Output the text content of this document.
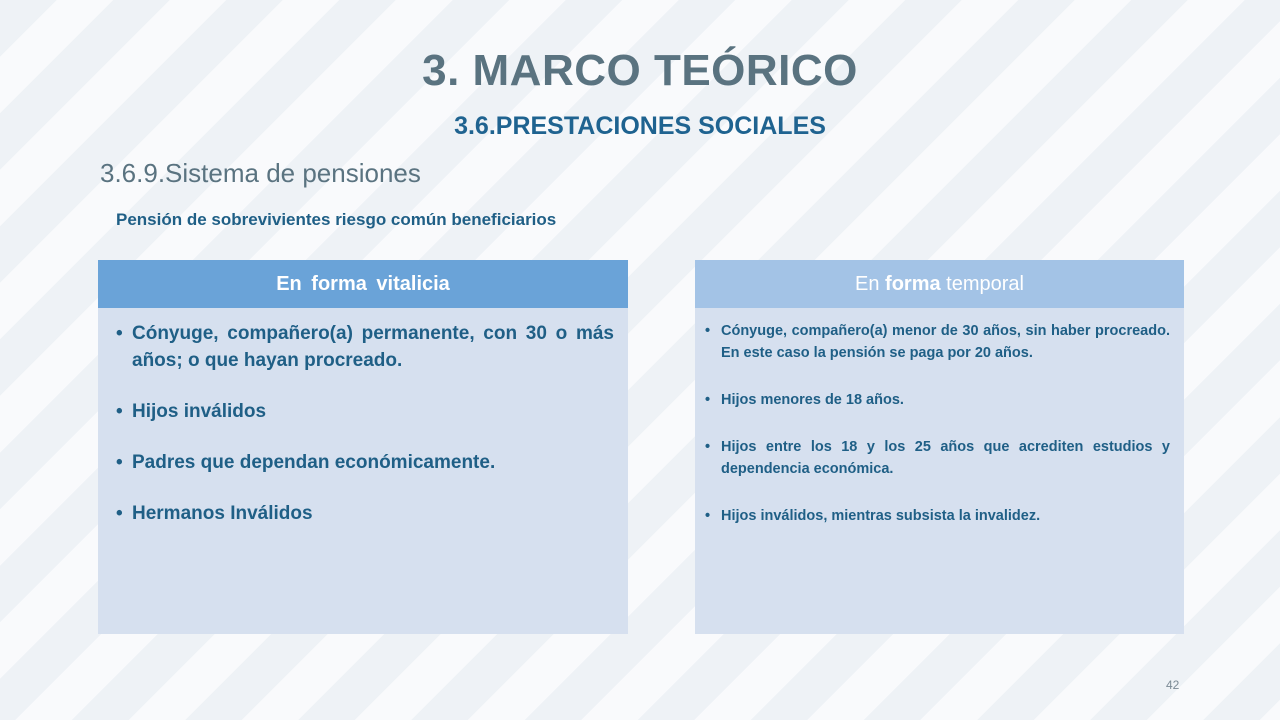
3. MARCO TEÓRICO
3.6.PRESTACIONES SOCIALES
3.6.9.Sistema de pensiones
Pensión de sobrevivientes riesgo común beneficiarios
En forma vitalicia
• Cónyuge, compañero(a) permanente, con 30 o más años; o que hayan procreado.
• Hijos inválidos
• Padres que dependan económicamente.
• Hermanos Inválidos
En forma temporal
• Cónyuge, compañero(a) menor de 30 años, sin haber procreado. En este caso la pensión se paga por 20 años.
• Hijos menores de 18 años.
• Hijos entre los 18 y los 25 años que acrediten estudios y dependencia económica.
• Hijos inválidos, mientras subsista la invalidez.
42
